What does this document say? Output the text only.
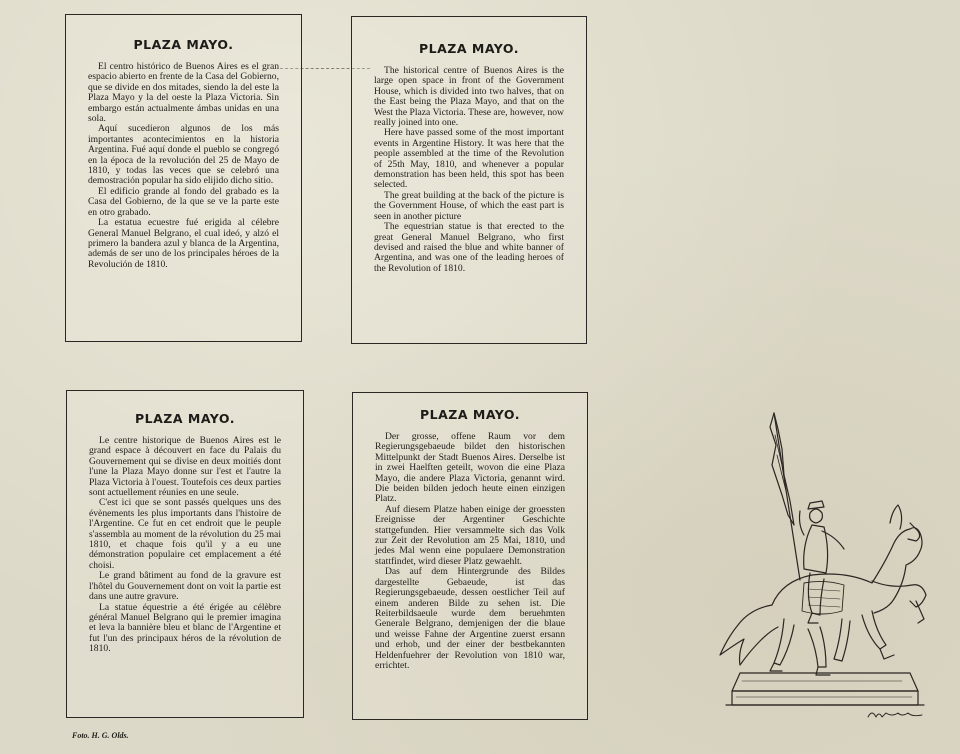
PLAZA MAYO.

El centro histórico de Buenos Aires es el gran espacio abierto en frente de la Casa del Gobierno, que se divide en dos mitades, siendo la del este la Plaza Mayo y la del oeste la Plaza Victoria. Sin embargo están actualmente ámbas unidas en una sola.

Aquí sucedieron algunos de los más importantes acontecimientos en la historia Argentina. Fué aquí donde el pueblo se congregó en la época de la revolución del 25 de Mayo de 1810, y todas las veces que se celebró una demostración popular ha sido elijido dicho sitio.

El edificio grande al fondo del grabado es la Casa del Gobierno, de la que se ve la parte este en otro grabado.

La estatua ecuestre fué erigida al célebre General Manuel Belgrano, el cual ideó, y alzó el primero la bandera azul y blanca de la Argentina, además de ser uno de los principales héroes de la Revolución de 1810.

PLAZA MAYO.

The historical centre of Buenos Aires is the large open space in front of the Government House, which is divided into two halves, that on the East being the Plaza Mayo, and that on the West the Plaza Victoria. These are, however, now really joined into one.

Here have passed some of the most important events in Argentine History. It was here that the people assembled at the time of the Revolution of 25th May, 1810, and whenever a popular demonstration has been held, this spot has been selected.

The great building at the back of the picture is the Government House, of which the east part is seen in another picture

The equestrian statue is that erected to the great General Manuel Belgrano, who first devised and raised the blue and white banner of Argentina, and was one of the leading heroes of the Revolution of 1810.

PLAZA MAYO.

Le centre historique de Buenos Aires est le grand espace à découvert en face du Palais du Gouvernement qui se divise en deux moitiés dont l'une la Plaza Mayo donne sur l'est et l'autre la Plaza Victoria à l'ouest. Toutefois ces deux parties sont actuellement réunies en une seule.

C'est ici que se sont passés quelques uns des évènements les plus importants dans l'histoire de l'Argentine. Ce fut en cet endroit que le peuple s'assembla au moment de la révolution du 25 mai 1810, et chaque fois qu'il y a eu une démonstration populaire cet emplacement a été choisi.

Le grand bâtiment au fond de la gravure est l'hôtel du Gouvernement dont on voit la partie est dans une autre gravure.

La statue équestrie a été érigée au célèbre général Manuel Belgrano qui le premier imagina et leva la bannière bleu et blanc de l'Argentine et fut l'un des principaux héros de la révolution de 1810.

PLAZA MAYO.

Der grosse, offene Raum vor dem Regierungsgebaeude bildet den historischen Mittelpunkt der Stadt Buenos Aires. Derselbe ist in zwei Haelften geteilt, wovon die eine Plaza Mayo, die andere Plaza Victoria, genannt wird. Die beiden bilden jedoch heute einen einzigen Platz.

Auf diesem Platze haben einige der groessten Ereignisse der Argentiner Geschichte stattgefunden. Hier versammelte sich das Volk zur Zeit der Revolution am 25 Mai, 1810, und jedes Mal wenn eine populaere Demonstration stattfindet, wird dieser Platz gewaehlt.

Das auf dem Hintergrunde des Bildes dargestellte Gebaeude, ist das Regierungsgebaeude, dessen oestlicher Teil auf einem anderen Bilde zu sehen ist. Die Reiterbildsaeule wurde dem beruehmten Generale Belgrano, demjenigen der die blaue und weisse Fahne der Argentine zuerst ersann und erhob, und der einer der bestbekannten Heldenfuehrer der Revolution von 1810 war, errichtet.

Foto. H. G. Olds.
